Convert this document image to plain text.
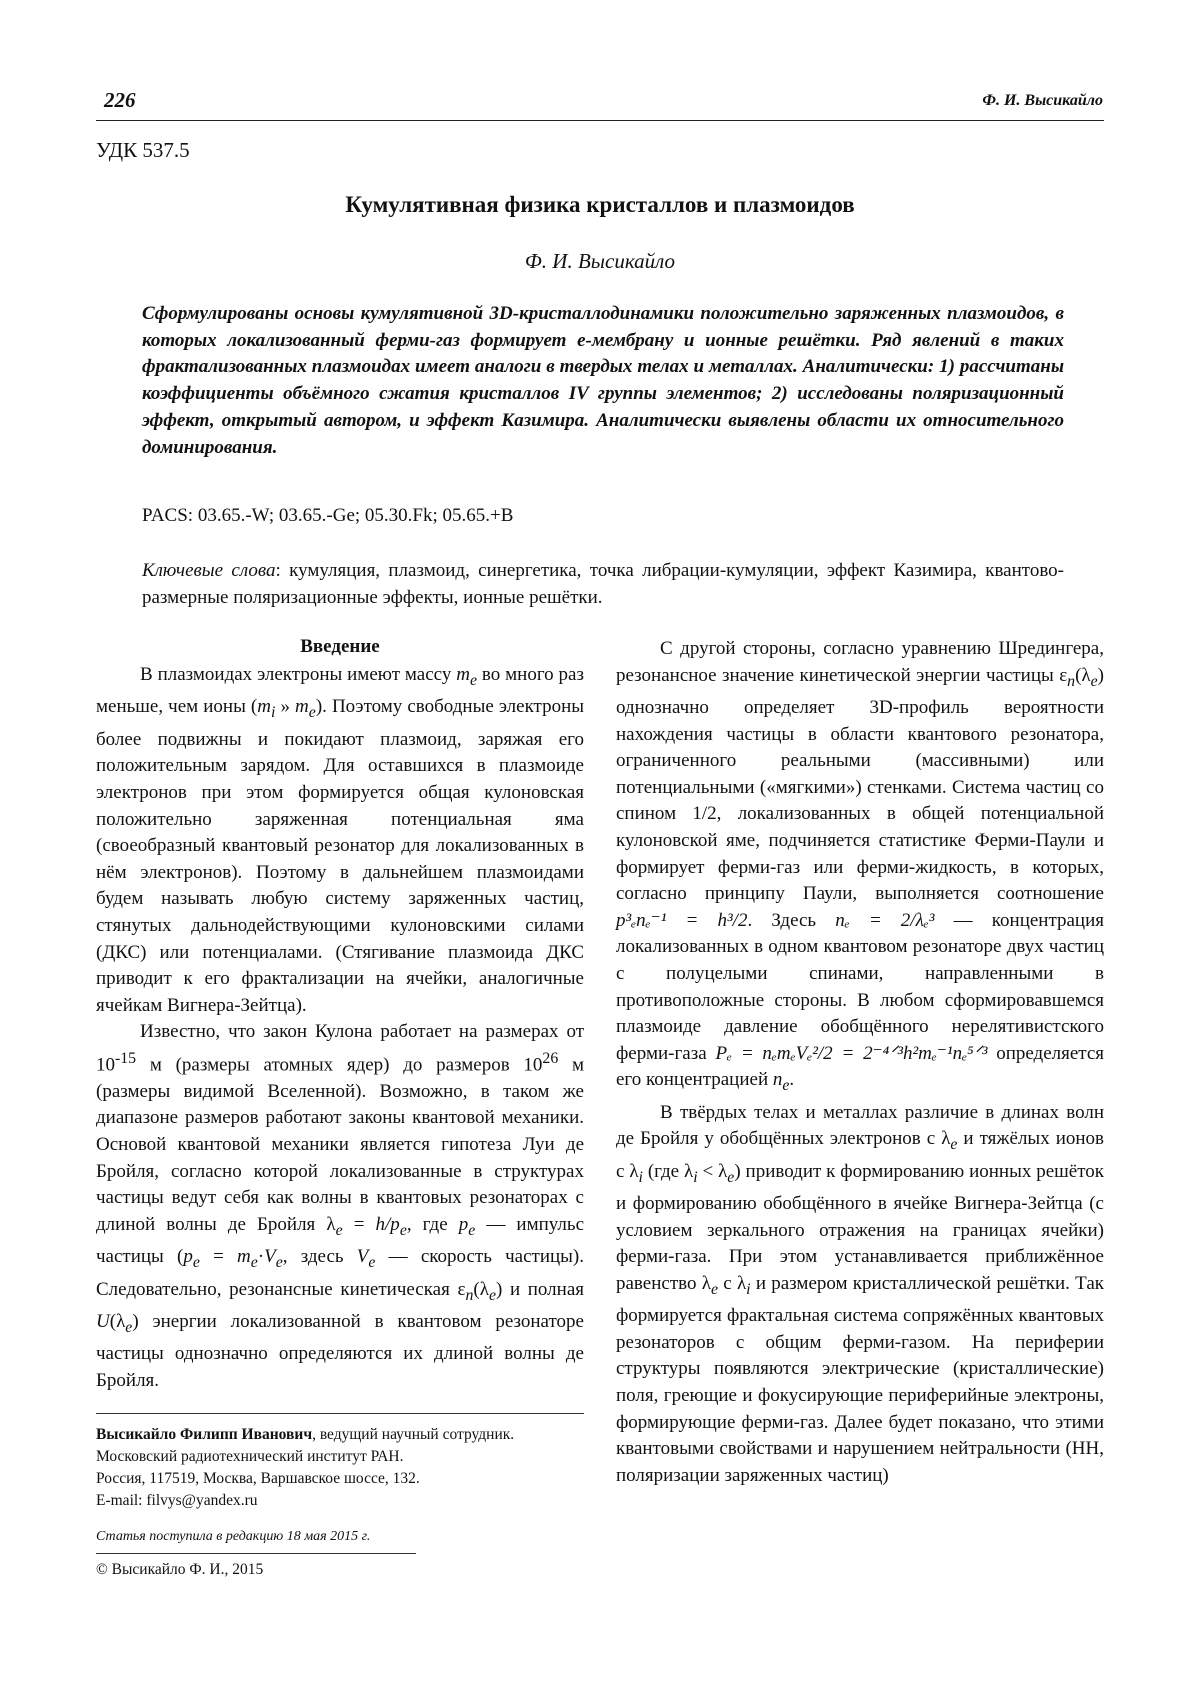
226	Ф. И. Высикайло
УДК 537.5
Кумулятивная физика кристаллов и плазмоидов
Ф. И. Высикайло
Сформулированы основы кумулятивной 3D-кристаллодинамики положительно заряженных плазмоидов, в которых локализованный ферми-газ формирует е-мембрану и ионные решётки. Ряд явлений в таких фрактализованных плазмоидах имеет аналоги в твердых телах и металлах. Аналитически: 1) рассчитаны коэффициенты объёмного сжатия кристаллов IV группы элементов; 2) исследованы поляризационный эффект, открытый автором, и эффект Казимира. Аналитически выявлены области их относительного доминирования.
PACS: 03.65.-W; 03.65.-Ge; 05.30.Fk; 05.65.+B
Ключевые слова: кумуляция, плазмоид, синергетика, точка либрации-кумуляции, эффект Казимира, квантово-размерные поляризационные эффекты, ионные решётки.
Введение

В плазмоидах электроны имеют массу $m_e$ во много раз меньше, чем ионы ($m_i$ » $m_e$). Поэтому свободные электроны более подвижны и покидают плазмоид, заряжая его положительным зарядом. Для оставшихся в плазмоиде электронов при этом формируется общая кулоновская положительно заряженная потенциальная яма (своеобразный квантовый резонатор для локализованных в нём электронов). Поэтому в дальнейшем плазмоидами будем называть любую систему заряженных частиц, стянутых дальнодействующими кулоновскими силами (ДКС) или потенциалами. (Стягивание плазмоида ДКС приводит к его фрактализации на ячейки, аналогичные ячейкам Вигнера-Зейтца).

Известно, что закон Кулона работает на размерах от $10^{-15}$ м (размеры атомных ядер) до размеров $10^{26}$ м (размеры видимой Вселенной). Возможно, в таком же диапазоне размеров работают законы квантовой механики. Основой квантовой механики является гипотеза Луи де Бройля, согласно которой локализованные в структурах частицы ведут себя как волны в квантовых резонаторах с длиной волны де Бройля $\lambda_e = h/p_e$, где $p_e$ — импульс частицы ($p_e = m_e\cdot V_e$, здесь $V_e$ — скорость частицы). Следовательно, резонансные кинетическая $\varepsilon_n(\lambda_e)$ и полная $U(\lambda_e)$ энергии локализованной в квантовом резонаторе частицы однозначно определяются их длиной волны де Бройля.

С другой стороны, согласно уравнению Шредингера, резонансное значение кинетической энергии частицы $\varepsilon_n(\lambda_e)$ однозначно определяет 3D-профиль вероятности нахождения частицы в области квантового резонатора, ограниченного реальными (массивными) или потенциальными («мягкими») стенками. Система частиц со спином 1/2, локализованных в общей потенциальной кулоновской яме, подчиняется статистике Ферми-Паули и формирует ферми-газ или ферми-жидкость, в которых, согласно принципу Паули, выполняется соотношение p³ₑnₑ⁻¹ = h³/2. Здесь nₑ = 2/λₑ³ — концентрация локализованных в одном квантовом резонаторе двух частиц с полуцелыми спинами, направленными в противоположные стороны. В любом сформировавшемся плазмоиде давление обобщённого нерелятивистского ферми-газа Pₑ = nₑmₑVₑ²/2 = 2⁻⁴ᐟ³h²mₑ⁻¹nₑ⁵ᐟ³ определяется его концентрацией $n_e$.

В твёрдых телах и металлах различие в длинах волн де Бройля у обобщённых электронов с $\lambda_e$ и тяжёлых ионов с $\lambda_i$ (где $\lambda_i < \lambda_e$) приводит к формированию ионных решёток и формированию обобщённого в ячейке Вигнера-Зейтца (с условием зеркального отражения на границах ячейки) ферми-газа. При этом устанавливается приближённое равенство $\lambda_e$ с $\lambda_i$ и размером кристаллической решётки. Так формируется фрактальная система сопряжённых квантовых резонаторов с общим ферми-газом. На периферии структуры появляются электрические (кристаллические) поля, греющие и фокусирующие периферийные электроны, формирующие ферми-газ. Далее будет показано, что этими квантовыми свойствами и нарушением нейтральности (НН, поляризации заряженных частиц)

Высикайло Филипп Иванович, ведущий научный сотрудник.
Московский радиотехнический институт РАН.
Россия, 117519, Москва, Варшавское шоссе, 132.
E-mail: filvys@yandex.ru
Статья поступила в редакцию 18 мая 2015 г.
© Высикайло Ф. И., 2015
